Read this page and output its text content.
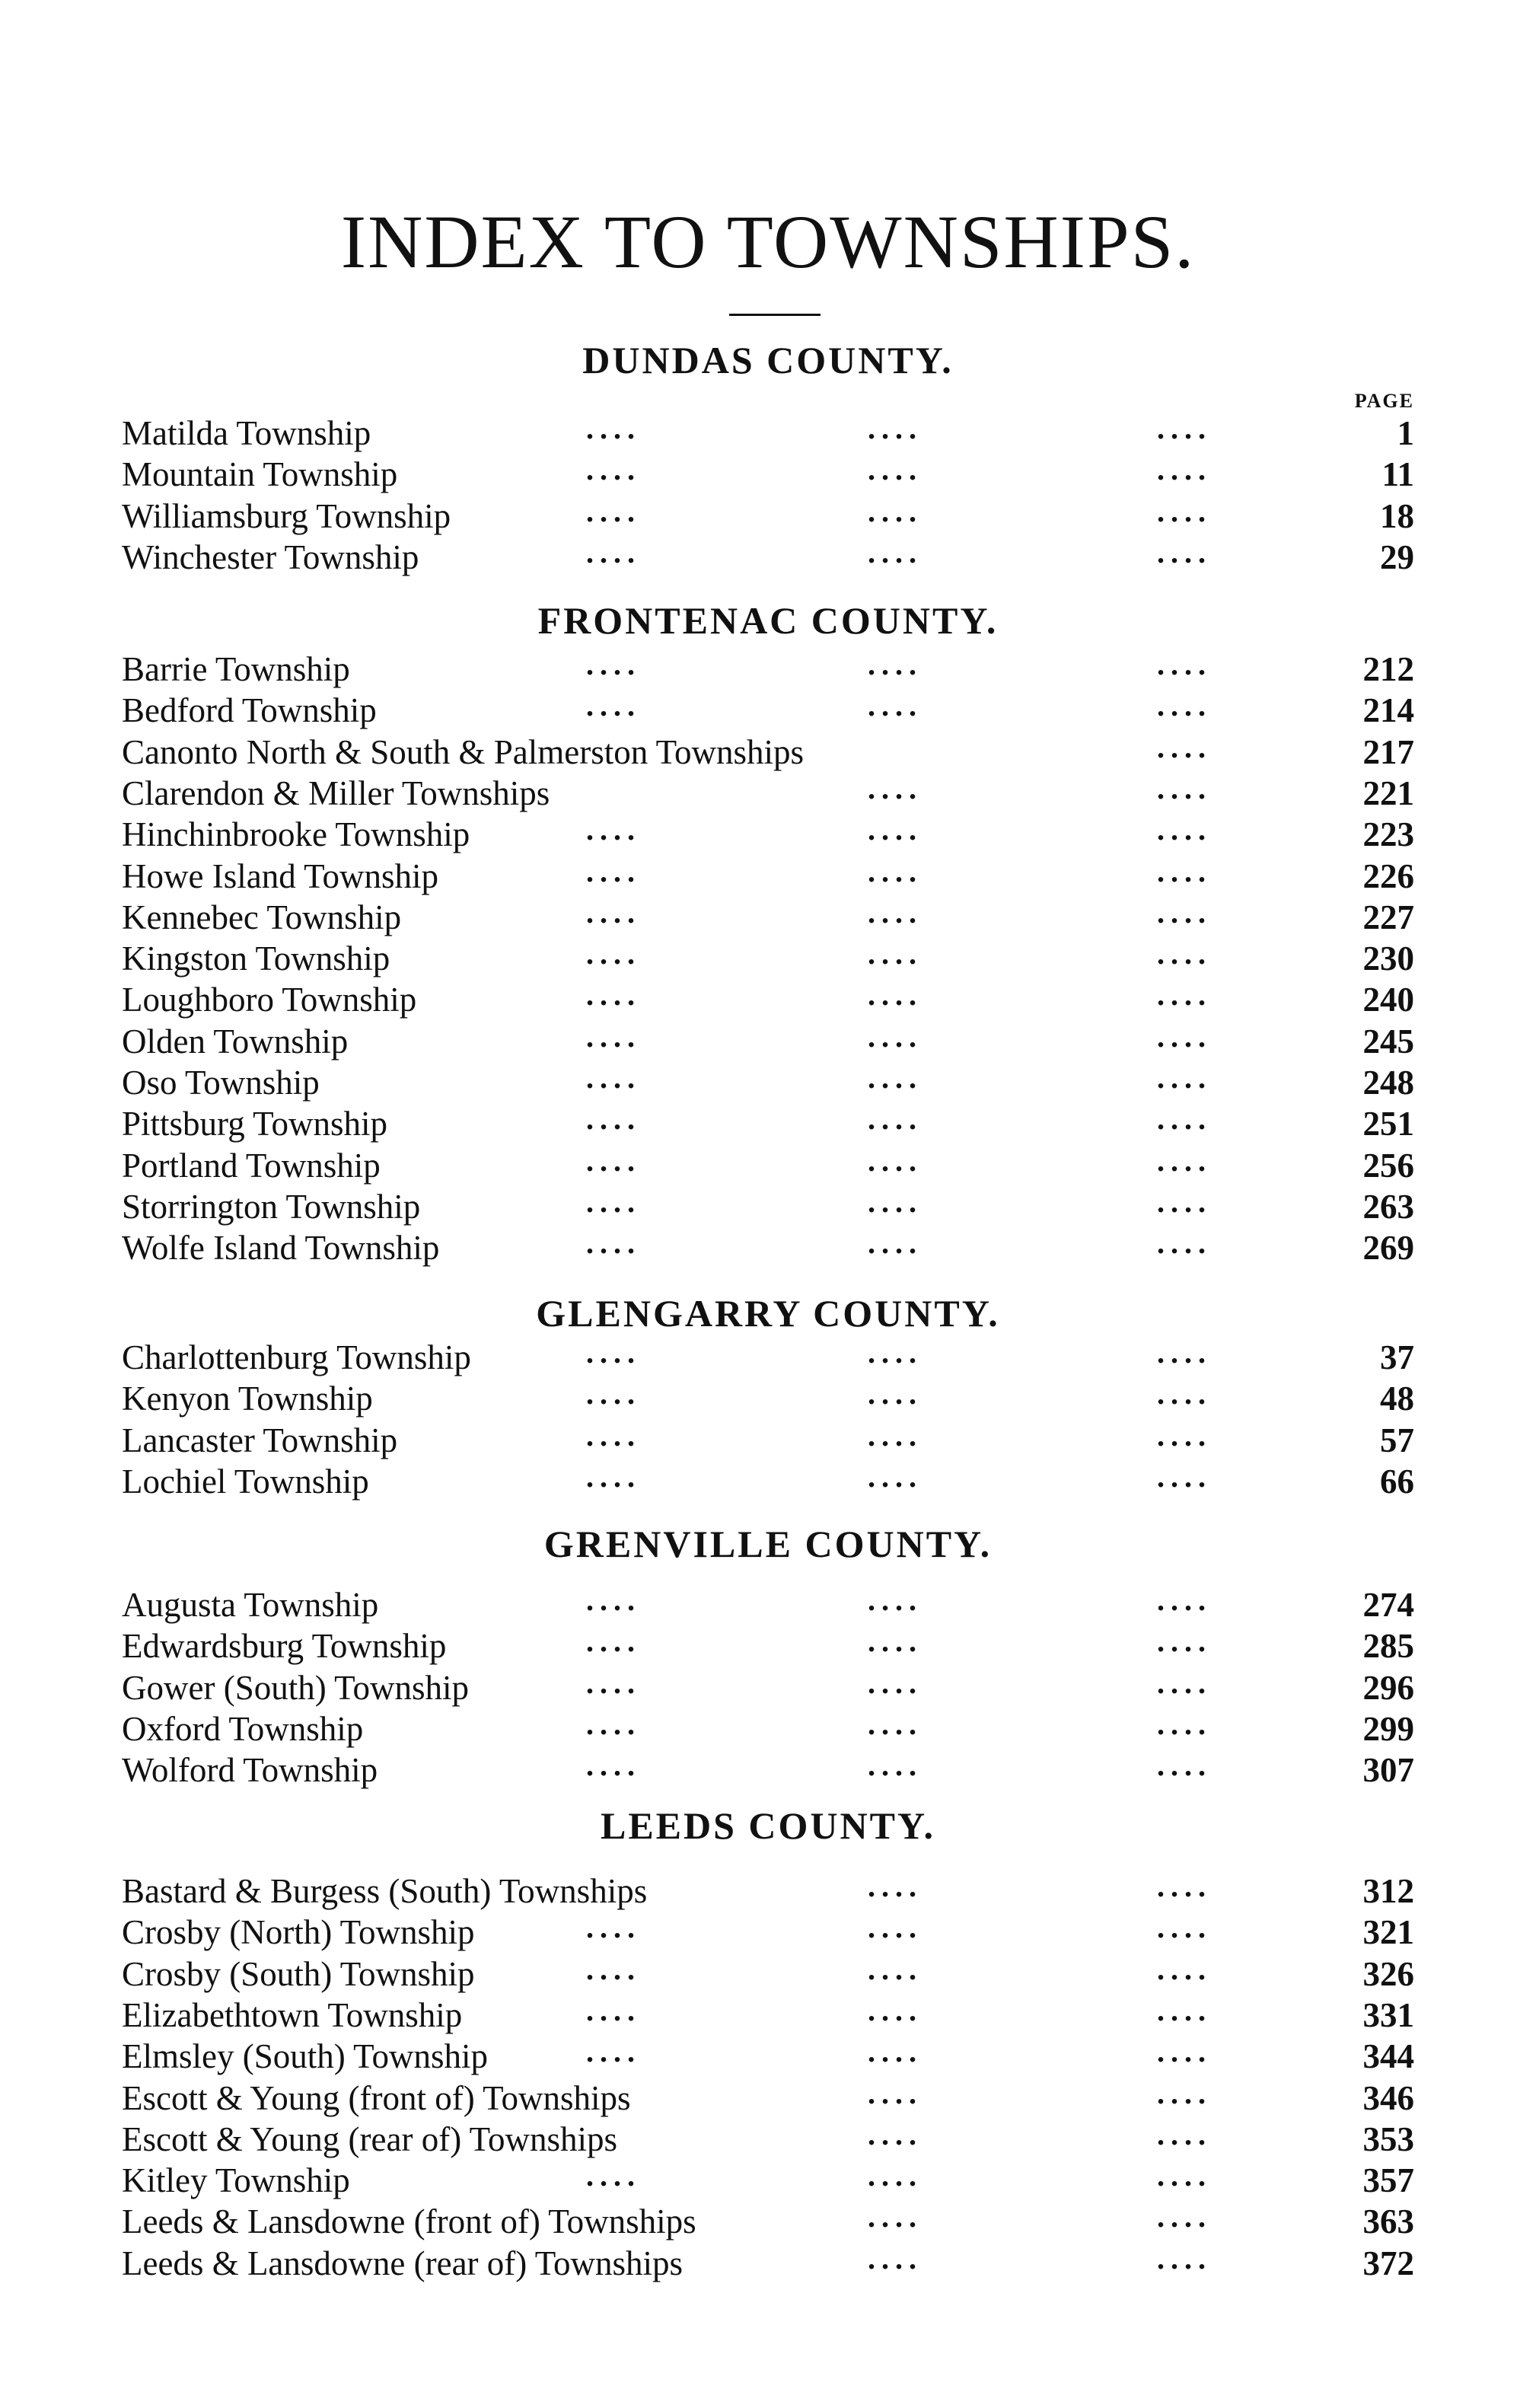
INDEX TO TOWNSHIPS.
PAGE
DUNDAS COUNTY.
Matilda Township	....	....	....	1
Mountain Township	....	....	....	11
Williamsburg Township	....	....	....	18
Winchester Township	....	....	....	29
FRONTENAC COUNTY.
Barrie Township	....	....	....	212
Bedford Township	....	....	....	214
Canonto North & South & Palmerston Townships	....	217
Clarendon & Miller Townships	....	....	221
Hinchinbrooke Township	....	....	....	223
Howe Island Township	....	....	....	226
Kennebec Township	....	....	....	227
Kingston Township	....	....	....	230
Loughboro Township	....	....	....	240
Olden Township	....	....	....	245
Oso Township	....	....	....	248
Pittsburg Township	....	....	....	251
Portland Township	....	....	....	256
Storrington Township	....	....	....	263
Wolfe Island Township	....	....	....	269
GLENGARRY COUNTY.
Charlottenburg Township	....	....	....	37
Kenyon Township	....	....	....	48
Lancaster Township	....	....	....	57
Lochiel Township	....	....	....	66
GRENVILLE COUNTY.
Augusta Township	....	....	....	274
Edwardsburg Township	....	....	....	285
Gower (South) Township	....	....	....	296
Oxford Township	....	....	....	299
Wolford Township	....	....	....	307
LEEDS COUNTY.
Bastard & Burgess (South) Townships	....	....	312
Crosby (North) Township	....	....	....	321
Crosby (South) Township	....	....	....	326
Elizabethtown Township	....	....	....	331
Elmsley (South) Township	....	....	....	344
Escott & Young (front of) Townships	....	....	346
Escott & Young (rear of) Townships	....	....	353
Kitley Township	....	....	....	357
Leeds & Lansdowne (front of) Townships	....	....	363
Leeds & Lansdowne (rear of) Townships	....	....	372
